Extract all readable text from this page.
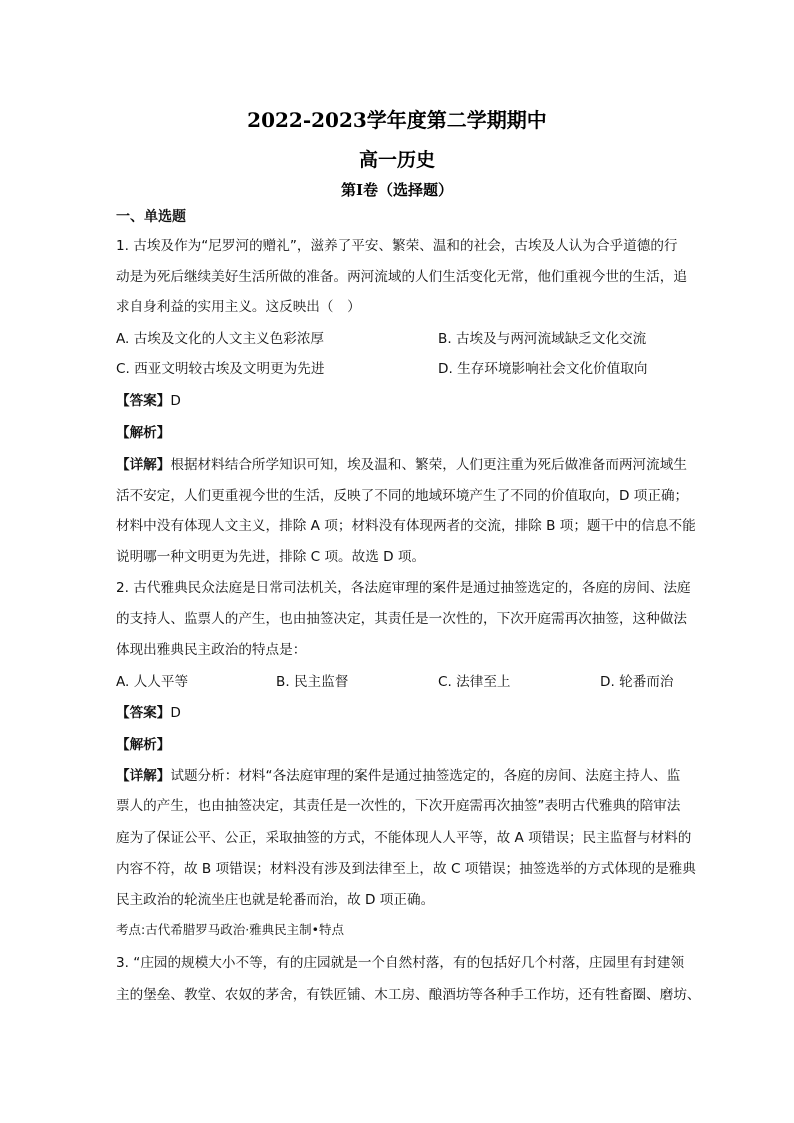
2022-2023学年度第二学期期中
高一历史
第Ⅰ卷（选择题）
一、单选题
1. 古埃及作为“尼罗河的赠礼”，滋养了平安、繁荣、温和的社会，古埃及人认为合乎道德的行
动是为死后继续美好生活所做的准备。两河流域的人们生活变化无常，他们重视今世的生活，追
求自身利益的实用主义。这反映出（　）
A. 古埃及文化的人文主义色彩浓厚	B. 古埃及与两河流域缺乏文化交流
C. 西亚文明较古埃及文明更为先进	D. 生存环境影响社会文化价值取向
【答案】D
【解析】
【详解】根据材料结合所学知识可知，埃及温和、繁荣，人们更注重为死后做准备而两河流域生
活不安定，人们更重视今世的生活，反映了不同的地域环境产生了不同的价值取向，D 项正确；
材料中没有体现人文主义，排除 A 项；材料没有体现两者的交流，排除 B 项；题干中的信息不能
说明哪一种文明更为先进，排除 C 项。故选 D 项。
2. 古代雅典民众法庭是日常司法机关，各法庭审理的案件是通过抽签选定的，各庭的房间、法庭
的支持人、监票人的产生，也由抽签决定，其责任是一次性的，下次开庭需再次抽签，这种做法
体现出雅典民主政治的特点是：
A. 人人平等	B. 民主监督	C. 法律至上	D. 轮番而治
【答案】D
【解析】
【详解】试题分析：材料“各法庭审理的案件是通过抽签选定的，各庭的房间、法庭主持人、监
票人的产生，也由抽签决定，其责任是一次性的，下次开庭需再次抽签”表明古代雅典的陪审法
庭为了保证公平、公正，采取抽签的方式，不能体现人人平等，故 A 项错误；民主监督与材料的
内容不符，故 B 项错误；材料没有涉及到法律至上，故 C 项错误；抽签选举的方式体现的是雅典
民主政治的轮流坐庄也就是轮番而治，故 D 项正确。
考点:古代希腊罗马政治·雅典民主制•特点
3. “庄园的规模大小不等，有的庄园就是一个自然村落，有的包括好几个村落，庄园里有封建领
主的堡垒、教堂、农奴的茅舍，有铁匠铺、木工房、酿酒坊等各种手工作坊，还有牲畜圈、磨坊、
